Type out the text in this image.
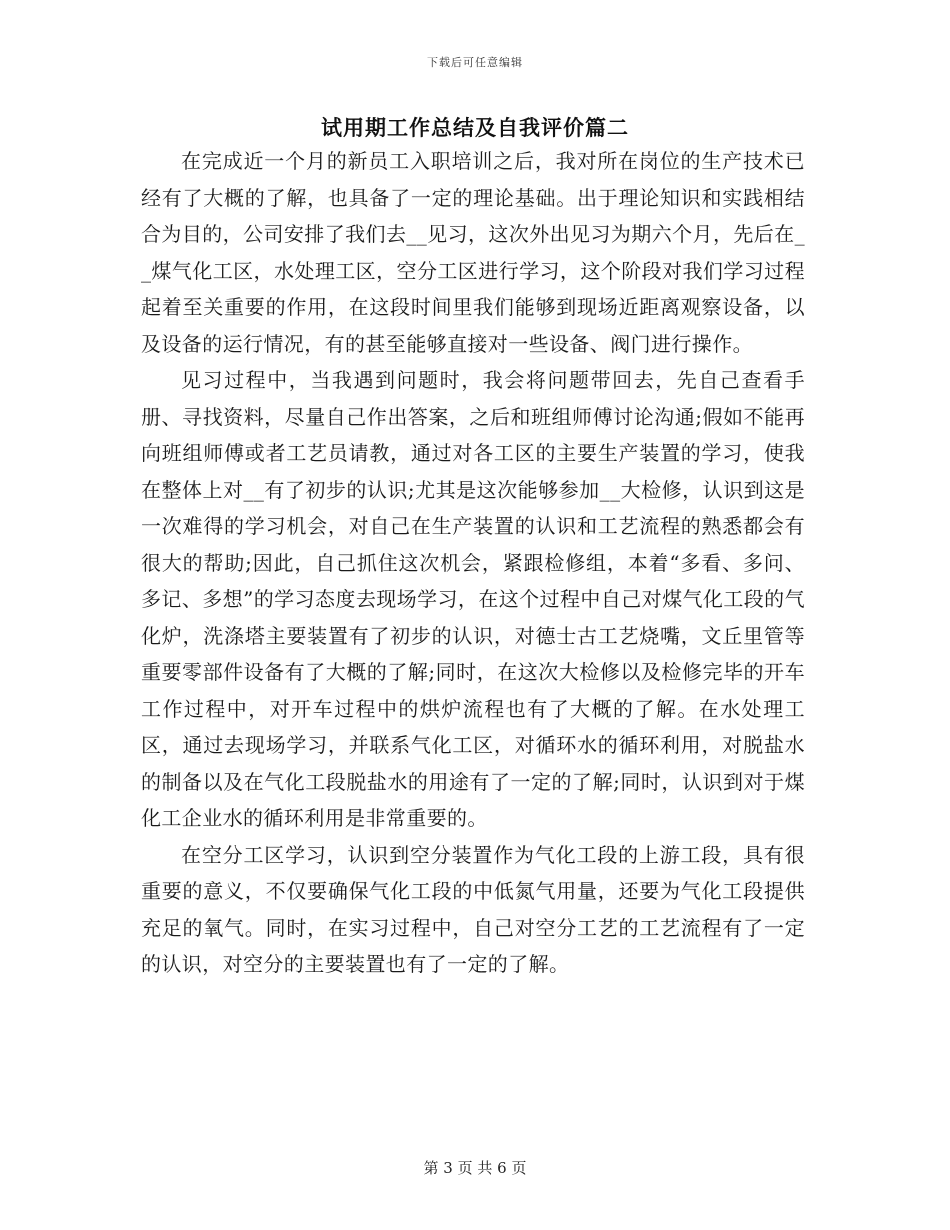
下载后可任意编辑
试用期工作总结及自我评价篇二

在完成近一个月的新员工入职培训之后，我对所在岗位的生产技术已经有了大概的了解，也具备了一定的理论基础。出于理论知识和实践相结合为目的，公司安排了我们去__见习，这次外出见习为期六个月，先后在__煤气化工区，水处理工区，空分工区进行学习，这个阶段对我们学习过程起着至关重要的作用，在这段时间里我们能够到现场近距离观察设备，以及设备的运行情况，有的甚至能够直接对一些设备、阀门进行操作。

见习过程中，当我遇到问题时，我会将问题带回去，先自己查看手册、寻找资料，尽量自己作出答案，之后和班组师傅讨论沟通;假如不能再向班组师傅或者工艺员请教，通过对各工区的主要生产装置的学习，使我在整体上对__有了初步的认识;尤其是这次能够参加__大检修，认识到这是一次难得的学习机会，对自己在生产装置的认识和工艺流程的熟悉都会有很大的帮助;因此，自己抓住这次机会，紧跟检修组，本着“多看、多问、多记、多想”的学习态度去现场学习，在这个过程中自己对煤气化工段的气化炉，洗涤塔主要装置有了初步的认识，对德士古工艺烧嘴，文丘里管等重要零部件设备有了大概的了解;同时，在这次大检修以及检修完毕的开车工作过程中，对开车过程中的烘炉流程也有了大概的了解。在水处理工区，通过去现场学习，并联系气化工区，对循环水的循环利用，对脱盐水的制备以及在气化工段脱盐水的用途有了一定的了解;同时，认识到对于煤化工企业水的循环利用是非常重要的。

在空分工区学习，认识到空分装置作为气化工段的上游工段，具有很重要的意义，不仅要确保气化工段的中低氮气用量，还要为气化工段提供充足的氧气。同时，在实习过程中，自己对空分工艺的工艺流程有了一定的认识，对空分的主要装置也有了一定的了解。

第 3 页 共 6 页
